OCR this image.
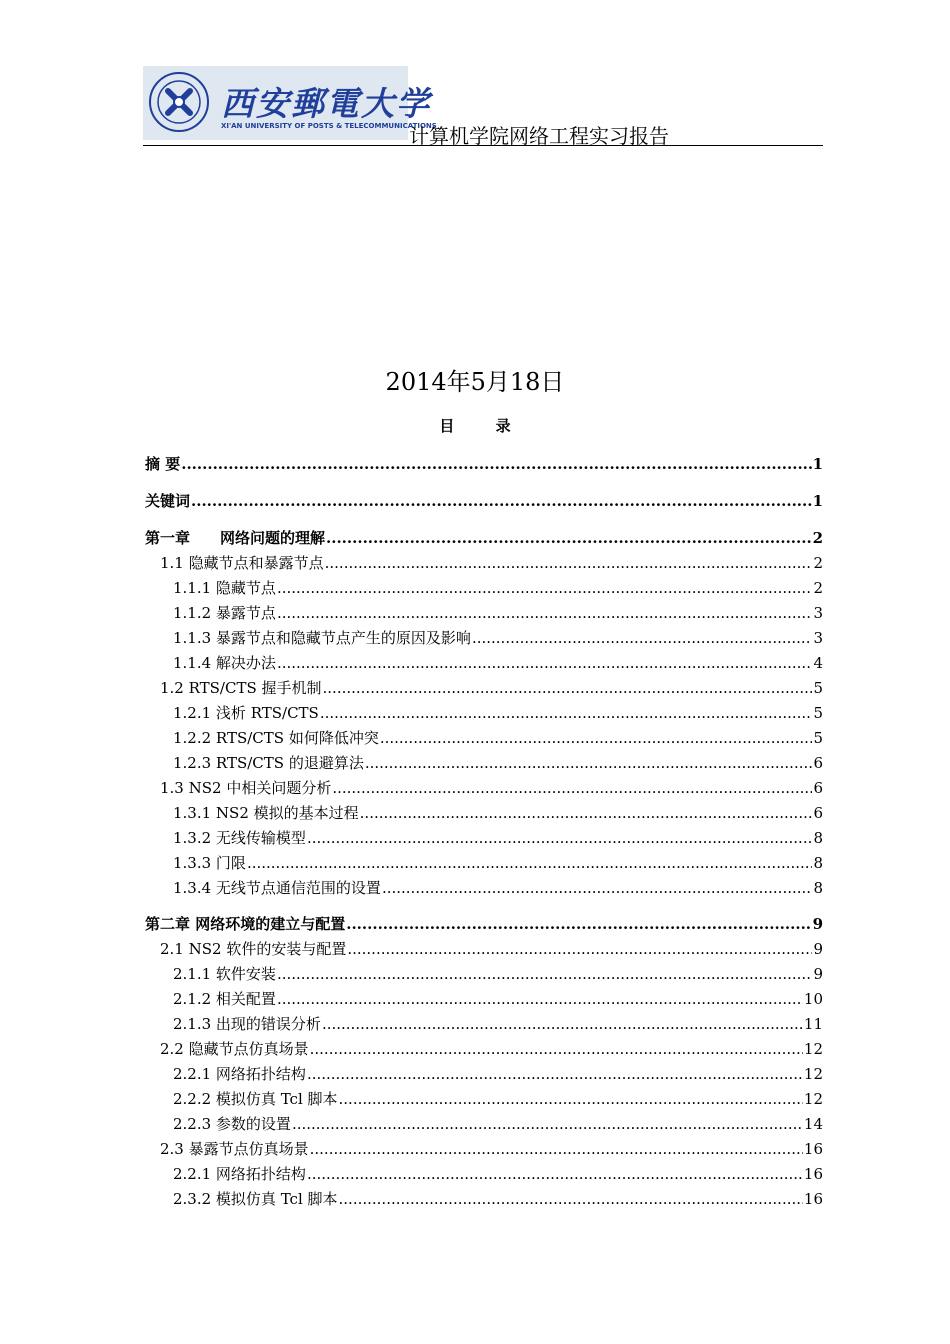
西安郵電大学
XI'AN UNIVERSITY OF POSTS & TELECOMMUNICATIONS
计算机学院网络工程实习报告
2014年5月18日
目 录
摘 要 .....	1
关键词 .....	1
第一章　　网络问题的理解 .....	2
1.1 隐藏节点和暴露节点 .....	2
1.1.1 隐藏节点 .....	2
1.1.2 暴露节点 .....	3
1.1.3 暴露节点和隐藏节点产生的原因及影响 .....	3
1.1.4 解决办法 .....	4
1.2 RTS/CTS 握手机制 .....	5
1.2.1 浅析 RTS/CTS .....	5
1.2.2 RTS/CTS 如何降低冲突 .....	5
1.2.3 RTS/CTS 的退避算法 .....	6
1.3 NS2 中相关问题分析 .....	6
1.3.1 NS2 模拟的基本过程 .....	6
1.3.2 无线传输模型 .....	8
1.3.3 门限 .....	8
1.3.4 无线节点通信范围的设置 .....	8
第二章 网络环境的建立与配置 .....	9
2.1 NS2 软件的安装与配置 .....	9
2.1.1 软件安装 .....	9
2.1.2 相关配置 .....	10
2.1.3 出现的错误分析 .....	11
2.2 隐藏节点仿真场景 .....	12
2.2.1 网络拓扑结构 .....	12
2.2.2 模拟仿真 Tcl 脚本 .....	12
2.2.3 参数的设置 .....	14
2.3 暴露节点仿真场景 .....	16
2.2.1 网络拓扑结构 .....	16
2.3.2 模拟仿真 Tcl 脚本 .....	16
